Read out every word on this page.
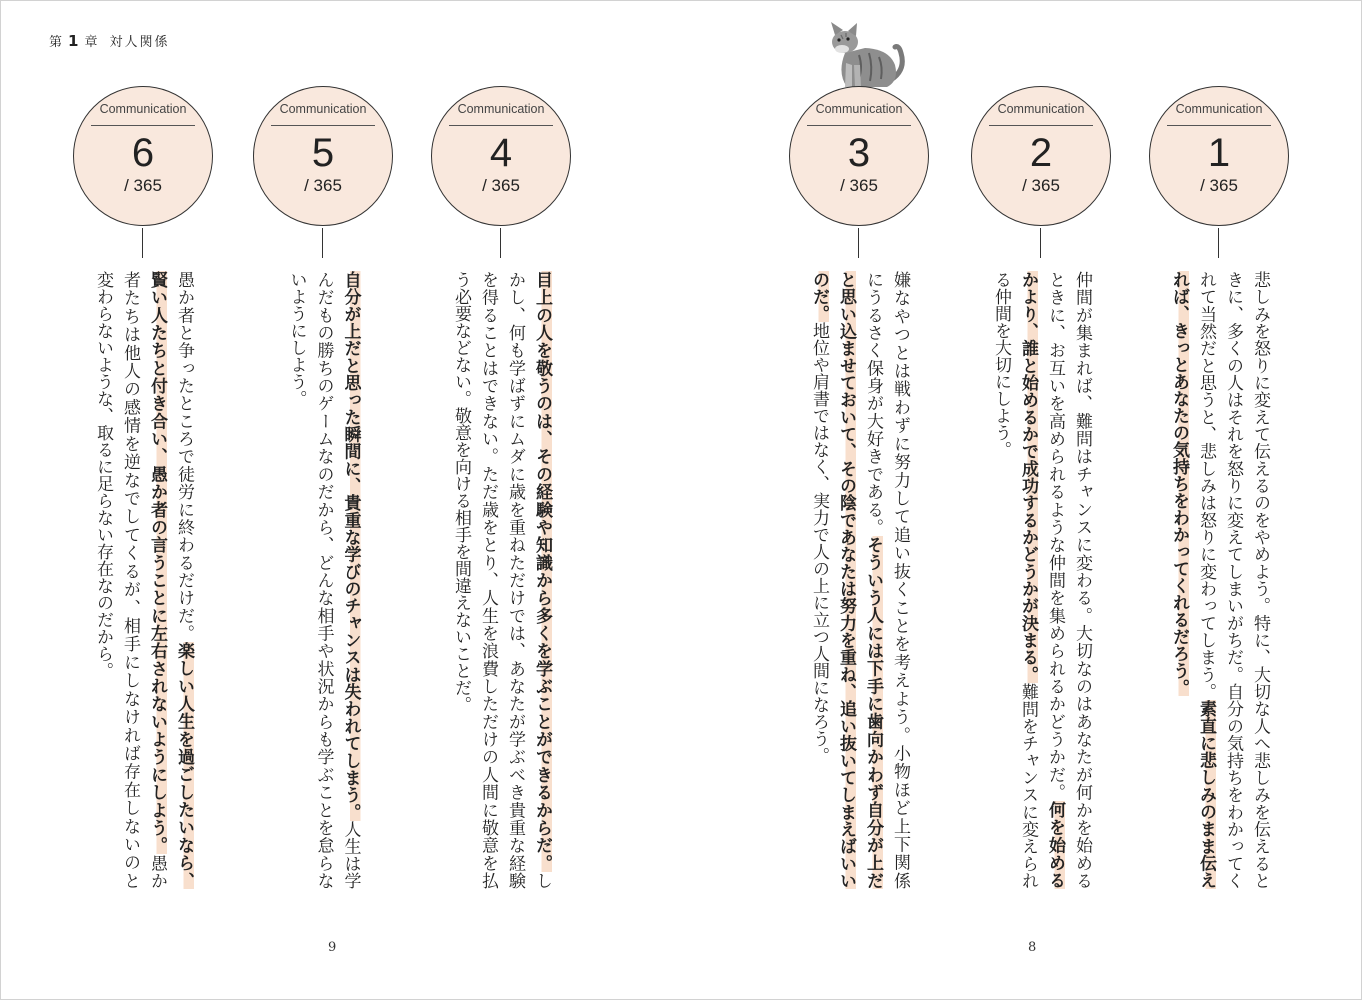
第 1 章 対人関係
Communication
1
/ 365
悲しみを怒りに変えて伝えるのをやめよう。特に、大切な人へ悲しみを伝えると
きに、多くの人はそれを怒りに変えてしまいがちだ。自分の気持ちをわかってく
れて当然だと思うと、悲しみは怒りに変わってしまう。素直に悲しみのまま伝え
れば、きっとあなたの気持ちをわかってくれるだろう。
Communication
2
/ 365
仲間が集まれば、難問はチャンスに変わる。大切なのはあなたが何かを始める
ときに、お互いを高められるような仲間を集められるかどうかだ。何を始める
かより、誰と始めるかで成功するかどうかが決まる。難問をチャンスに変えられ
る仲間を大切にしよう。
Communication
3
/ 365
嫌なやつとは戦わずに努力して追い抜くことを考えよう。小物ほど上下関係
にうるさく保身が大好きである。そういう人には下手に歯向かわず自分が上だ
と思い込ませておいて、その陰であなたは努力を重ね、追い抜いてしまえばいい
のだ。地位や肩書ではなく、実力で人の上に立つ人間になろう。
Communication
4
/ 365
目上の人を敬うのは、その経験や知識から多くを学ぶことができるからだ。し
かし、何も学ばずにムダに歳を重ねただけでは、あなたが学ぶべき貴重な経験
を得ることはできない。ただ歳をとり、人生を浪費しただけの人間に敬意を払
う必要などない。敬意を向ける相手を間違えないことだ。
Communication
5
/ 365
自分が上だと思った瞬間に、貴重な学びのチャンスは失われてしまう。人生は学
んだもの勝ちのゲームなのだから、どんな相手や状況からも学ぶことを怠らな
いようにしよう。
Communication
6
/ 365
愚か者と争ったところで徒労に終わるだけだ。楽しい人生を過ごしたいなら、
賢い人たちと付き合い、愚か者の言うことに左右されないようにしよう。愚か
者たちは他人の感情を逆なでしてくるが、相手にしなければ存在しないのと
変わらないような、取るに足らない存在なのだから。
9	8
